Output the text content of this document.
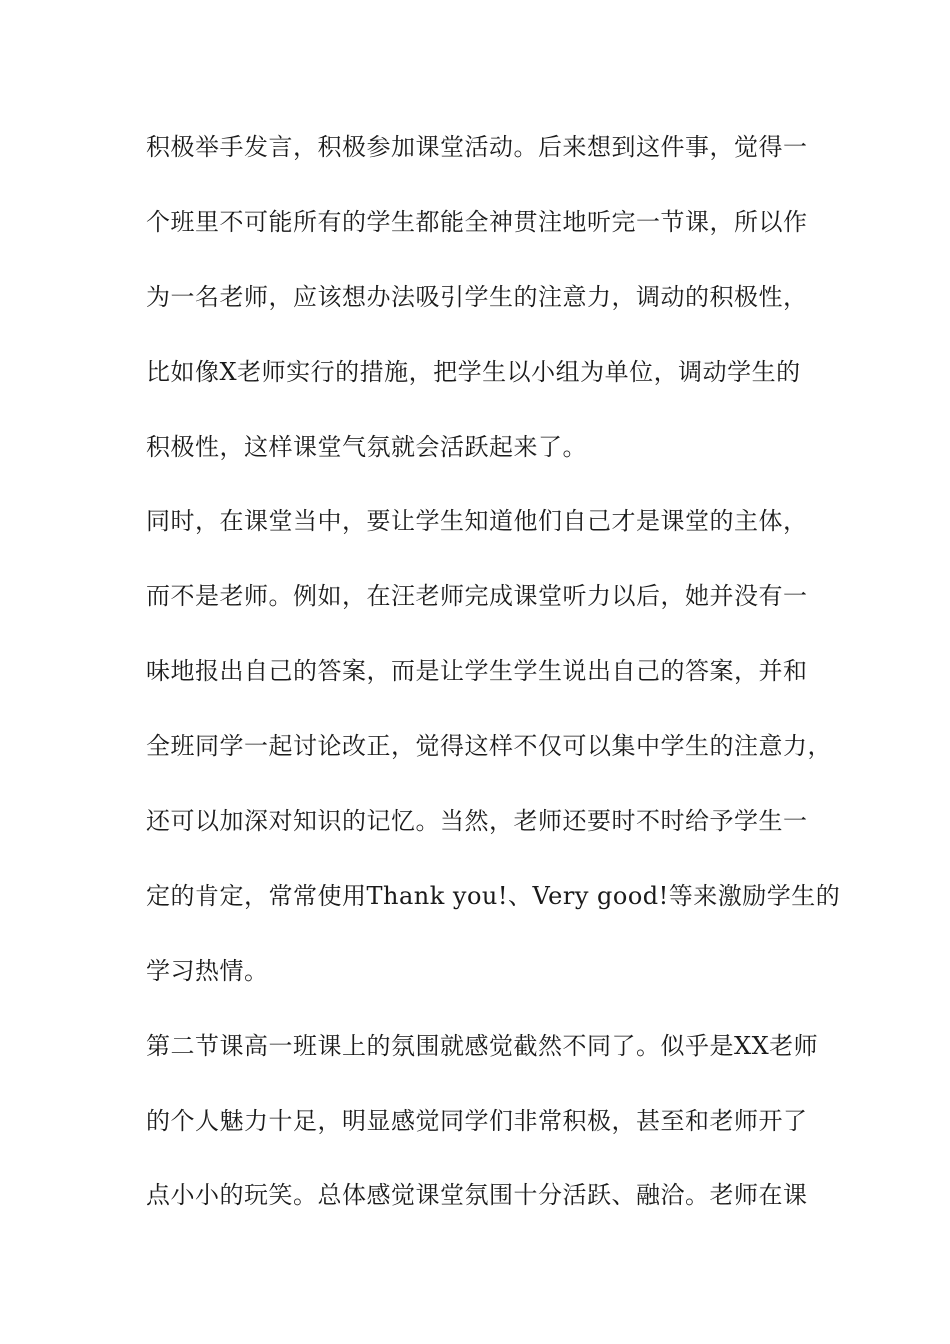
积极举手发言，积极参加课堂活动。后来想到这件事，觉得一
个班里不可能所有的学生都能全神贯注地听完一节课，所以作
为一名老师，应该想办法吸引学生的注意力，调动的积极性，
比如像X老师实行的措施，把学生以小组为单位，调动学生的
积极性，这样课堂气氛就会活跃起来了。
同时，在课堂当中，要让学生知道他们自己才是课堂的主体，
而不是老师。例如，在汪老师完成课堂听力以后，她并没有一
味地报出自己的答案，而是让学生学生说出自己的答案，并和
全班同学一起讨论改正，觉得这样不仅可以集中学生的注意力，
还可以加深对知识的记忆。当然，老师还要时不时给予学生一
定的肯定，常常使用Thank you!、Very good!等来激励学生的
学习热情。
第二节课高一班课上的氛围就感觉截然不同了。似乎是XX老师
的个人魅力十足，明显感觉同学们非常积极，甚至和老师开了
点小小的玩笑。总体感觉课堂氛围十分活跃、融洽。老师在课
